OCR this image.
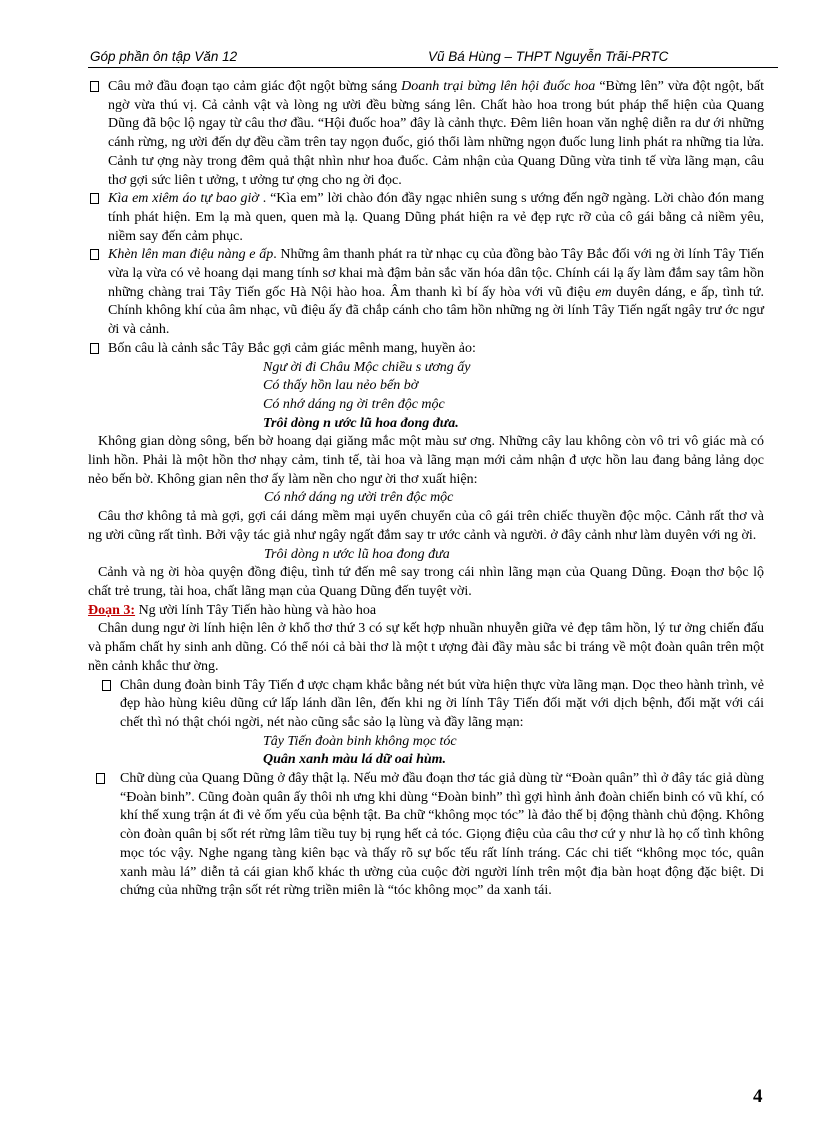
Góp phần ôn tập Văn 12	Vũ Bá Hùng – THPT Nguyễn Trãi-PRTC
Câu mở đầu đoạn tạo cảm giác đột ngột bừng sáng Doanh trại bừng lên hội đuốc hoa “Bừng lên” vừa đột ngột, bất ngờ vừa thú vị. Cả cảnh vật và lòng ng ười đều bừng sáng lên. Chất hào hoa trong bút pháp thể hiện của Quang Dũng đã bộc lộ ngay từ câu thơ đầu. “Hội đuốc hoa” đây là cảnh thực. Đêm liên hoan văn nghệ diễn ra dư ới những cánh rừng, ng ười đến dự đều cầm trên tay ngọn đuốc, gió thổi làm những ngọn đuốc lung linh phát ra những tia lửa. Cảnh tư ợng này trong đêm quả thật nhìn như hoa đuốc. Cảm nhận của Quang Dũng vừa tinh tế vừa lãng mạn, câu thơ gợi sức liên t ưởng, t ưởng tư ợng cho ng ời đọc.
Kìa em xiêm áo tự bao giờ . “Kìa em” lời chào đón đầy ngạc nhiên sung s ướng đến ngỡ ngàng. Lời chào đón mang tính phát hiện. Em lạ mà quen, quen mà lạ. Quang Dũng phát hiện ra vẻ đẹp rực rỡ của cô gái bằng cả niềm yêu, niềm say đến cảm phục.
Khèn lên man điệu nàng e ấp. Những âm thanh phát ra từ nhạc cụ của đồng bào Tây Bắc đối với ng ời lính Tây Tiến vừa lạ vừa có vẻ hoang dại mang tính sơ khai mà đậm bản sắc văn hóa dân tộc. Chính cái lạ ấy làm đắm say tâm hồn những chàng trai Tây Tiến gốc Hà Nội hào hoa. Âm thanh kì bí ấy hòa với vũ điệu em duyên dáng, e ấp, tình tứ. Chính không khí của âm nhạc, vũ điệu ấy đã chắp cánh cho tâm hồn những ng ời lính Tây Tiến ngất ngây trư ớc ngư ời và cảnh.
Bốn câu là cảnh sắc Tây Bắc gợi cảm giác mênh mang, huyền ảo:
Ngư ời đi Châu Mộc chiều s ương ấy
Có thấy hồn lau nẻo bến bờ
Có nhớ dáng ng ời trên độc mộc
Trôi dòng n ước lũ hoa đong đưa.
Không gian dòng sông, bến bờ hoang dại giăng mắc một màu sư ơng. Những cây lau không còn vô tri vô giác mà có linh hồn. Phải là một hồn thơ nhạy cảm, tinh tế, tài hoa và lãng mạn mới cảm nhận đ ược hồn lau đang bảng lảng dọc nẻo bến bờ. Không gian nên thơ ấy làm nền cho ngư ời thơ xuất hiện:
Có nhớ dáng ng ười trên độc mộc
Câu thơ không tả mà gợi, gợi cái dáng mềm mại uyển chuyển của cô gái trên chiếc thuyền độc mộc. Cảnh rất thơ và ng ười cũng rất tình. Bởi vậy tác giả như ngây ngất đắm say tr ước cảnh và người. ở đây cảnh như làm duyên với ng ời.
Trôi dòng n ước lũ hoa đong đưa
Cảnh và ng ời hòa quyện đồng điệu, tình tứ đến mê say trong cái nhìn lãng mạn của Quang Dũng. Đoạn thơ bộc lộ chất trẻ trung, tài hoa, chất lãng mạn của Quang Dũng đến tuyệt vời.
Đoạn 3: Ng ười lính Tây Tiến hào hùng và hào hoa
Chân dung ngư ời lính hiện lên ở khổ thơ thứ 3 có sự kết hợp nhuần nhuyễn giữa vẻ đẹp tâm hồn, lý tư ởng chiến đấu và phẩm chất hy sinh anh dũng. Có thể nói cả bài thơ là một t ượng đài đầy màu sắc bi tráng về một đoàn quân trên một nền cảnh khắc thư ờng.
Chân dung đoàn binh Tây Tiến đ ược chạm khắc bằng nét bút vừa hiện thực vừa lãng mạn. Dọc theo hành trình, vẻ đẹp hào hùng kiêu dũng cứ lấp lánh dần lên, đến khi ng ời lính Tây Tiến đối mặt với dịch bệnh, đối mặt với cái chết thì nó thật chói ngời, nét nào cũng sắc sảo lạ lùng và đầy lãng mạn:
Tây Tiến đoàn binh không mọc tóc
Quân xanh màu lá dữ oai hùm.
Chữ dùng của Quang Dũng ở đây thật lạ. Nếu mở đầu đoạn thơ tác giả dùng từ “Đoàn quân” thì ở đây tác giả dùng “Đoàn binh”. Cũng đoàn quân ấy thôi nh ưng khi dùng “Đoàn binh” thì gợi hình ảnh đoàn chiến binh có vũ khí, có khí thế xung trận át đi vẻ ốm yếu của bệnh tật. Ba chữ “không mọc tóc” là đảo thế bị động thành chủ động. Không còn đoàn quân bị sốt rét rừng lâm tiều tuy bị rụng hết cả tóc. Giọng điệu của câu thơ cứ y như là họ cố tình không mọc tóc vậy. Nghe ngang tàng kiên bạc và thấy rõ sự bốc tếu rất lính tráng. Các chi tiết “không mọc tóc, quân xanh màu lá” diễn tả cái gian khổ khác th ường của cuộc đời người lính trên một địa bàn hoạt động đặc biệt. Di chứng của những trận sốt rét rừng triền miên là “tóc không mọc” da xanh tái.
4
